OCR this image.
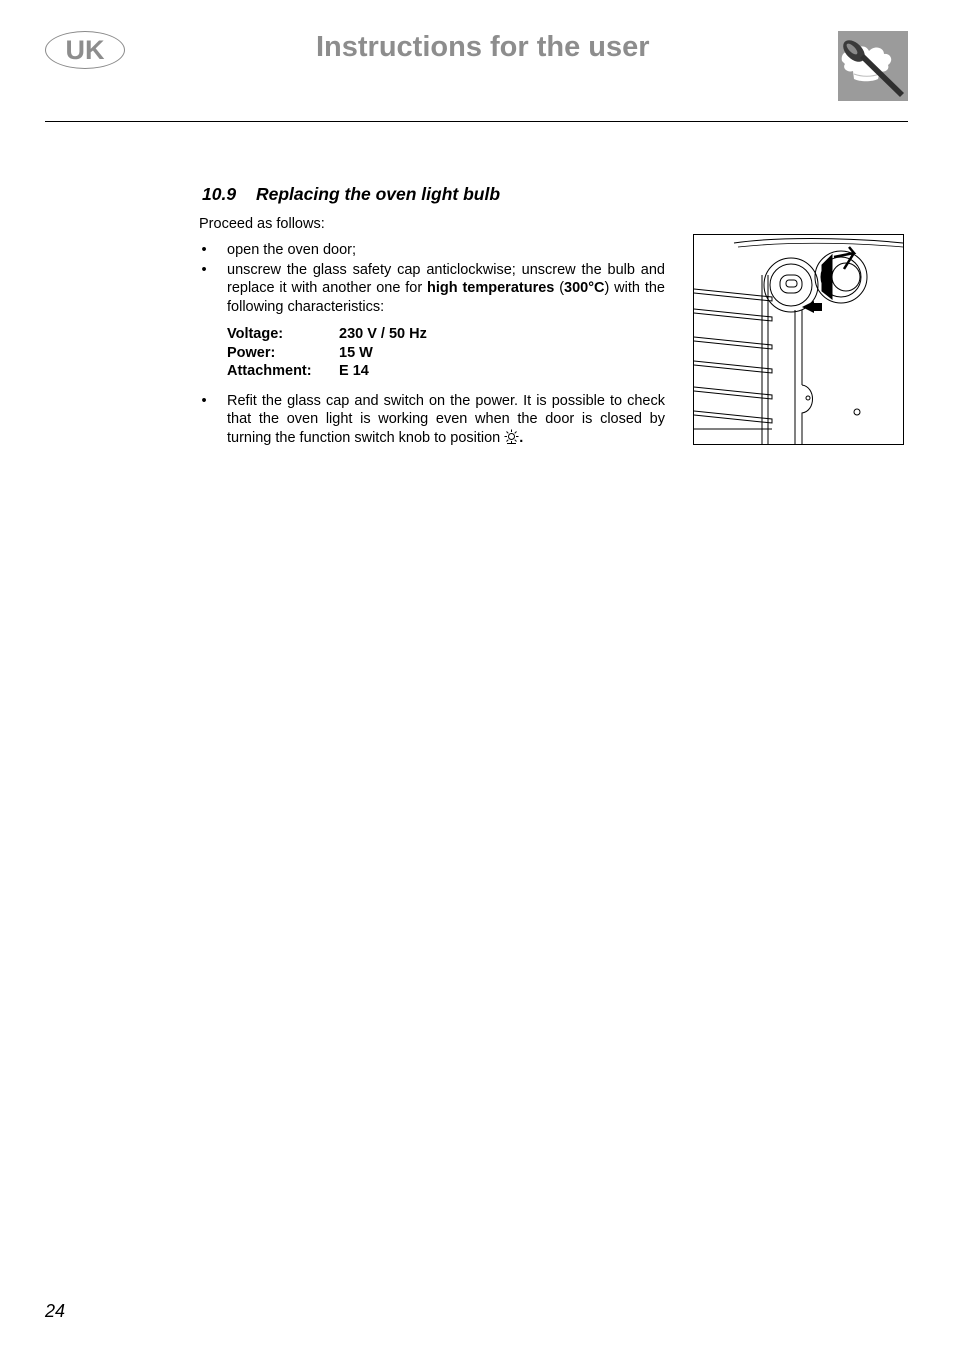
UK	Instructions for the user
10.9 Replacing the oven light bulb
Proceed as follows:
• open the oven door;
• unscrew the glass safety cap anticlockwise; unscrew the bulb and replace it with another one for high temperatures (300°C) with the following characteristics:
Voltage:	230 V / 50 Hz
Power:	15 W
Attachment:	E 14
• Refit the glass cap and switch on the power. It is possible to check that the oven light is working even when the door is closed by turning the function switch knob to position .
24
